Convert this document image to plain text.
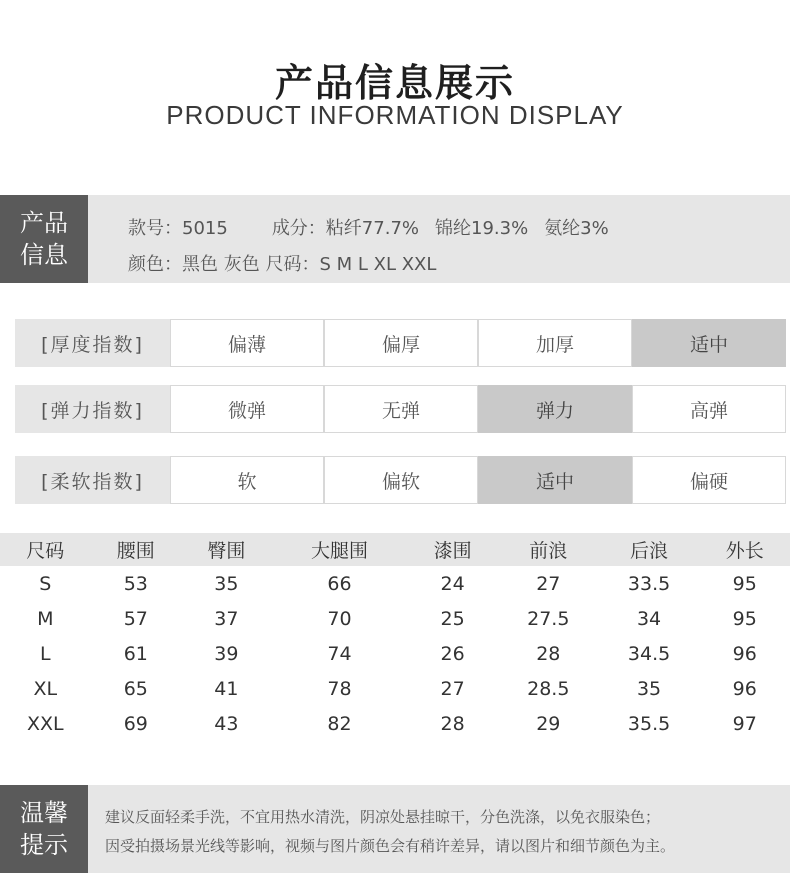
产品信息展示
PRODUCT INFORMATION DISPLAY
产品
信息
款号：5015 成分：粘纤77.7% 锦纶19.3% 氨纶3%
颜色：黑色 灰色 尺码：S M L XL XXL
[厚度指数]	偏薄	偏厚	加厚	适中
[弹力指数]	微弹	无弹	弹力	高弹
[柔软指数]	软	偏软	适中	偏硬
尺码	腰围	臀围	大腿围	漆围	前浪	后浪	外长
S	53	35	66	24	27	33.5	95
M	57	37	70	25	27.5	34	95
L	61	39	74	26	28	34.5	96
XL	65	41	78	27	28.5	35	96
XXL	69	43	82	28	29	35.5	97
温馨
提示
建议反面轻柔手洗，不宜用热水清洗，阴凉处悬挂晾干，分色洗涤，以免衣服染色；
因受拍摄场景光线等影响，视频与图片颜色会有稍许差异，请以图片和细节颜色为主。
